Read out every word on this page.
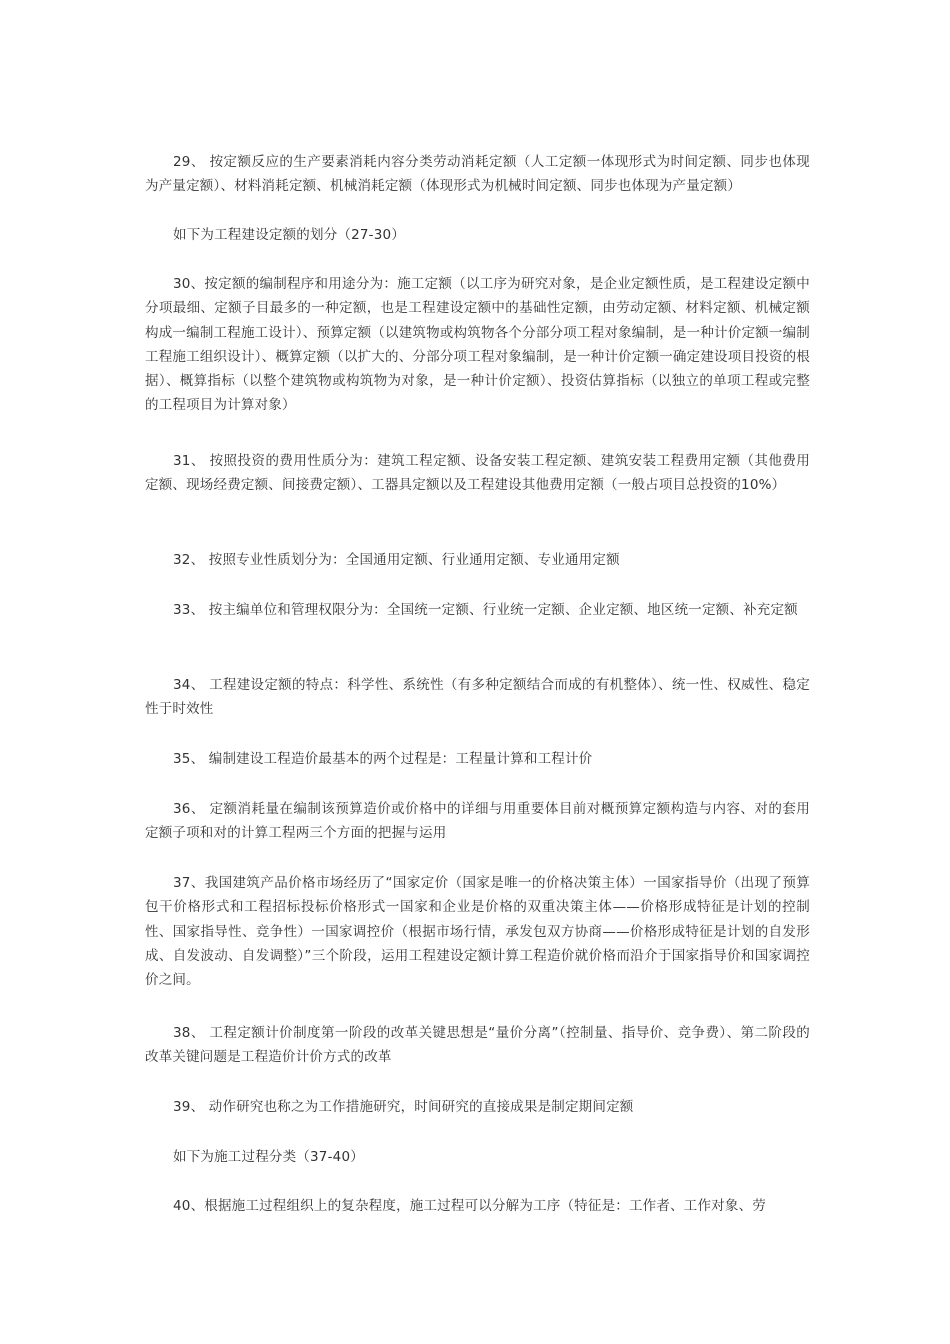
29、 按定额反应的生产要素消耗内容分类劳动消耗定额（人工定额一体现形式为时间定额、同步也体现为产量定额）、材料消耗定额、机械消耗定额（体现形式为机械时间定额、同步也体现为产量定额）

如下为工程建设定额的划分（27-30）

30、按定额的编制程序和用途分为：施工定额（以工序为研究对象，是企业定额性质，是工程建设定额中分项最细、定额子目最多的一种定额，也是工程建设定额中的基础性定额，由劳动定额、材料定额、机械定额构成一编制工程施工设计）、预算定额（以建筑物或构筑物各个分部分项工程对象编制，是一种计价定额一编制工程施工组织设计）、概算定额（以扩大的、分部分项工程对象编制，是一种计价定额一确定建设项目投资的根据）、概算指标（以整个建筑物或构筑物为对象，是一种计价定额）、投资估算指标（以独立的单项工程或完整的工程项目为计算对象）

31、 按照投资的费用性质分为：建筑工程定额、设备安装工程定额、建筑安装工程费用定额（其他费用定额、现场经费定额、间接费定额）、工器具定额以及工程建设其他费用定额（一般占项目总投资的10%）

32、 按照专业性质划分为：全国通用定额、行业通用定额、专业通用定额

33、 按主编单位和管理权限分为：全国统一定额、行业统一定额、企业定额、地区统一定额、补充定额

34、 工程建设定额的特点：科学性、系统性（有多种定额结合而成的有机整体）、统一性、权威性、稳定性于时效性

35、 编制建设工程造价最基本的两个过程是：工程量计算和工程计价

36、 定额消耗量在编制该预算造价或价格中的详细与用重要体目前对概预算定额构造与内容、对的套用定额子项和对的计算工程两三个方面的把握与运用

37、我国建筑产品价格市场经历了“国家定价（国家是唯一的价格决策主体）一国家指导价（出现了预算包干价格形式和工程招标投标价格形式一国家和企业是价格的双重决策主体——价格形成特征是计划的控制性、国家指导性、竞争性）一国家调控价（根据市场行情，承发包双方协商——价格形成特征是计划的自发形成、自发波动、自发调整）”三个阶段，运用工程建设定额计算工程造价就价格而沿介于国家指导价和国家调控价之间。

38、 工程定额计价制度第一阶段的改革关键思想是“量价分离”（控制量、指导价、竞争费）、第二阶段的改革关键问题是工程造价计价方式的改革

39、 动作研究也称之为工作措施研究，时间研究的直接成果是制定期间定额

如下为施工过程分类（37-40）

40、根据施工过程组织上的复杂程度，施工过程可以分解为工序（特征是：工作者、工作对象、劳
